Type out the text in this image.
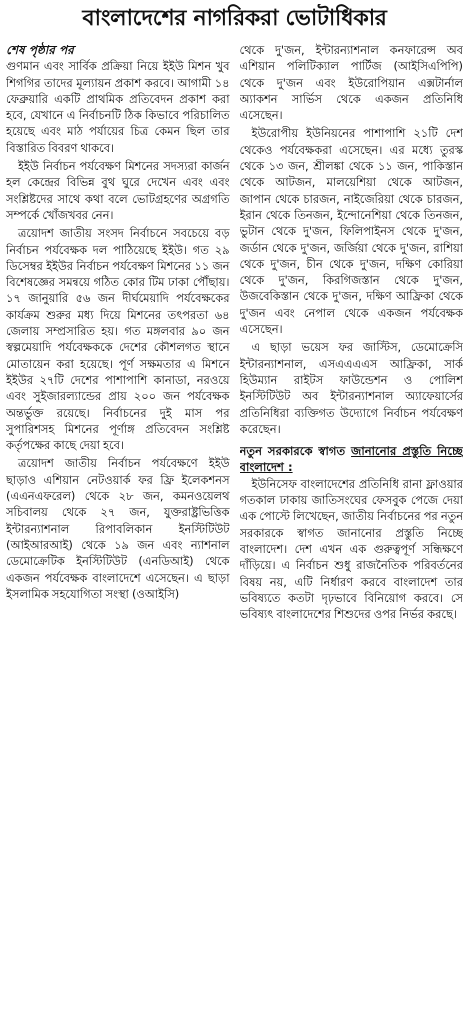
বাংলাদেশের নাগরিকরা ভোটাধিকার
শেষ পৃষ্ঠার পর

গুণমান এবং সার্বিক প্রক্রিয়া নিয়ে ইইউ মিশন খুব শিগগির তাদের মূল্যায়ন প্রকাশ করবে। আগামী ১৪ ফেব্রুয়ারি একটি প্রাথমিক প্রতিবেদন প্রকাশ করা হবে, যেখানে এ নির্বাচনটি ঠিক কিভাবে পরিচালিত হয়েছে এবং মাঠ পর্যায়ের চিত্র কেমন ছিল তার বিস্তারিত বিবরণ থাকবে।

ইইউ নির্বাচন পর্যবেক্ষণ মিশনের সদস্যরা কার্জন হল কেন্দ্রের বিভিন্ন বুথ ঘুরে দেখেন এবং এবং সংশ্লিষ্টদের সাথে কথা বলে ভোটগ্রহণের অগ্রগতি সম্পর্কে খোঁজখবর নেন।

ত্রয়োদশ জাতীয় সংসদ নির্বাচনে সবচেয়ে বড় নির্বাচন পর্যবেক্ষক দল পাঠিয়েছে ইইউ। গত ২৯ ডিসেম্বর ইইউর নির্বাচন পর্যবেক্ষণ মিশনের ১১ জন বিশেষজ্ঞের সমন্বয়ে গঠিত কোর টিম ঢাকা পৌঁছায়। ১৭ জানুয়ারি ৫৬ জন দীর্ঘমেয়াদি পর্যবেক্ষকের কার্যক্রম শুরুর মধ্য দিয়ে মিশনের তৎপরতা ৬৪ জেলায় সম্প্রসারিত হয়। গত মঙ্গলবার ৯০ জন স্বল্পমেয়াদি পর্যবেক্ষককে দেশের কৌশলগত স্থানে মোতায়েন করা হয়েছে। পূর্ণ সক্ষমতার এ মিশনে ইইউর ২৭টি দেশের পাশাপাশি কানাডা, নরওয়ে এবং সুইজারল্যান্ডের প্রায় ২০০ জন পর্যবেক্ষক অন্তর্ভুক্ত রয়েছে। নির্বাচনের দুই মাস পর সুপারিশসহ মিশনের পূর্ণাঙ্গ প্রতিবেদন সংশ্লিষ্ট কর্তৃপক্ষের কাছে দেয়া হবে।

ত্রয়োদশ জাতীয় নির্বাচন পর্যবেক্ষণে ইইউ ছাড়াও এশিয়ান নেটওয়ার্ক ফর ফ্রি ইলেকশনস (এএনএফরেল) থেকে ২৮ জন, কমনওয়েলথ সচিবালয় থেকে ২৭ জন, যুক্তরাষ্ট্রভিত্তিক ইন্টারন্যাশনাল রিপাবলিকান ইনস্টিটিউট (আইআরআই) থেকে ১৯ জন এবং ন্যাশনাল ডেমোক্রেটিক ইনস্টিটিউট (এনডিআই) থেকে একজন পর্যবেক্ষক বাংলাদেশে এসেছেন। এ ছাড়া ইসলামিক সহযোগিতা সংস্থা (ওআইসি)

থেকে দু'জন, ইন্টারন্যাশনাল কনফারেন্স অব এশিয়ান পলিটিক্যাল পার্টিজ (আইসিএপিপি) থেকে দু'জন এবং ইউরোপিয়ান এক্সটার্নাল অ্যাকশন সার্ভিস থেকে একজন প্রতিনিধি এসেছেন।

ইউরোপীয় ইউনিয়নের পাশাপাশি ২১টি দেশ থেকেও পর্যবেক্ষকরা এসেছেন। এর মধ্যে তুরস্ক থেকে ১৩ জন, শ্রীলঙ্কা থেকে ১১ জন, পাকিস্তান থেকে আটজন, মালয়েশিয়া থেকে আটজন, জাপান থেকে চারজন, নাইজেরিয়া থেকে চারজন, ইরান থেকে তিনজন, ইন্দোনেশিয়া থেকে তিনজন, ভুটান থেকে দু'জন, ফিলিপাইনস থেকে দু'জন, জর্ডান থেকে দু'জন, জর্জিয়া থেকে দু'জন, রাশিয়া থেকে দু'জন, চীন থেকে দু'জন, দক্ষিণ কোরিয়া থেকে দু'জন, কিরগিজস্তান থেকে দু'জন, উজবেকিস্তান থেকে দু'জন, দক্ষিণ আফ্রিকা থেকে দু'জন এবং নেপাল থেকে একজন পর্যবেক্ষক এসেছেন।

এ ছাড়া ভয়েস ফর জাস্টিস, ডেমোক্রেসি ইন্টারন্যাশনাল, এসএএএএস আফ্রিকা, সার্ক হিউম্যান রাইটস ফাউন্ডেশন ও পোলিশ ইনস্টিটিউট অব ইন্টারন্যাশনাল অ্যাফেয়ার্সের প্রতিনিধিরা ব্যক্তিগত উদ্যোগে নির্বাচন পর্যবেক্ষণ করেছেন।

নতুন সরকারকে স্বাগত জানানোর প্রস্তুতি নিচ্ছে বাংলাদেশ :

ইউনিসেফ বাংলাদেশের প্রতিনিধি রানা ফ্লাওয়ার গতকাল ঢাকায় জাতিসংঘের ফেসবুক পেজে দেয়া এক পোস্টে লিখেছেন, জাতীয় নির্বাচনের পর নতুন সরকারকে স্বাগত জানানোর প্রস্তুতি নিচ্ছে বাংলাদেশ। দেশ এখন এক গুরুত্বপূর্ণ সন্ধিক্ষণে দাঁড়িয়ে। এ নির্বাচন শুধু রাজনৈতিক পরিবর্তনের বিষয় নয়, এটি নির্ধারণ করবে বাংলাদেশ তার ভবিষ্যতে কতটা দৃঢ়ভাবে বিনিয়োগ করবে। সে ভবিষ্যৎ বাংলাদেশের শিশুদের ওপর নির্ভর করছে।
